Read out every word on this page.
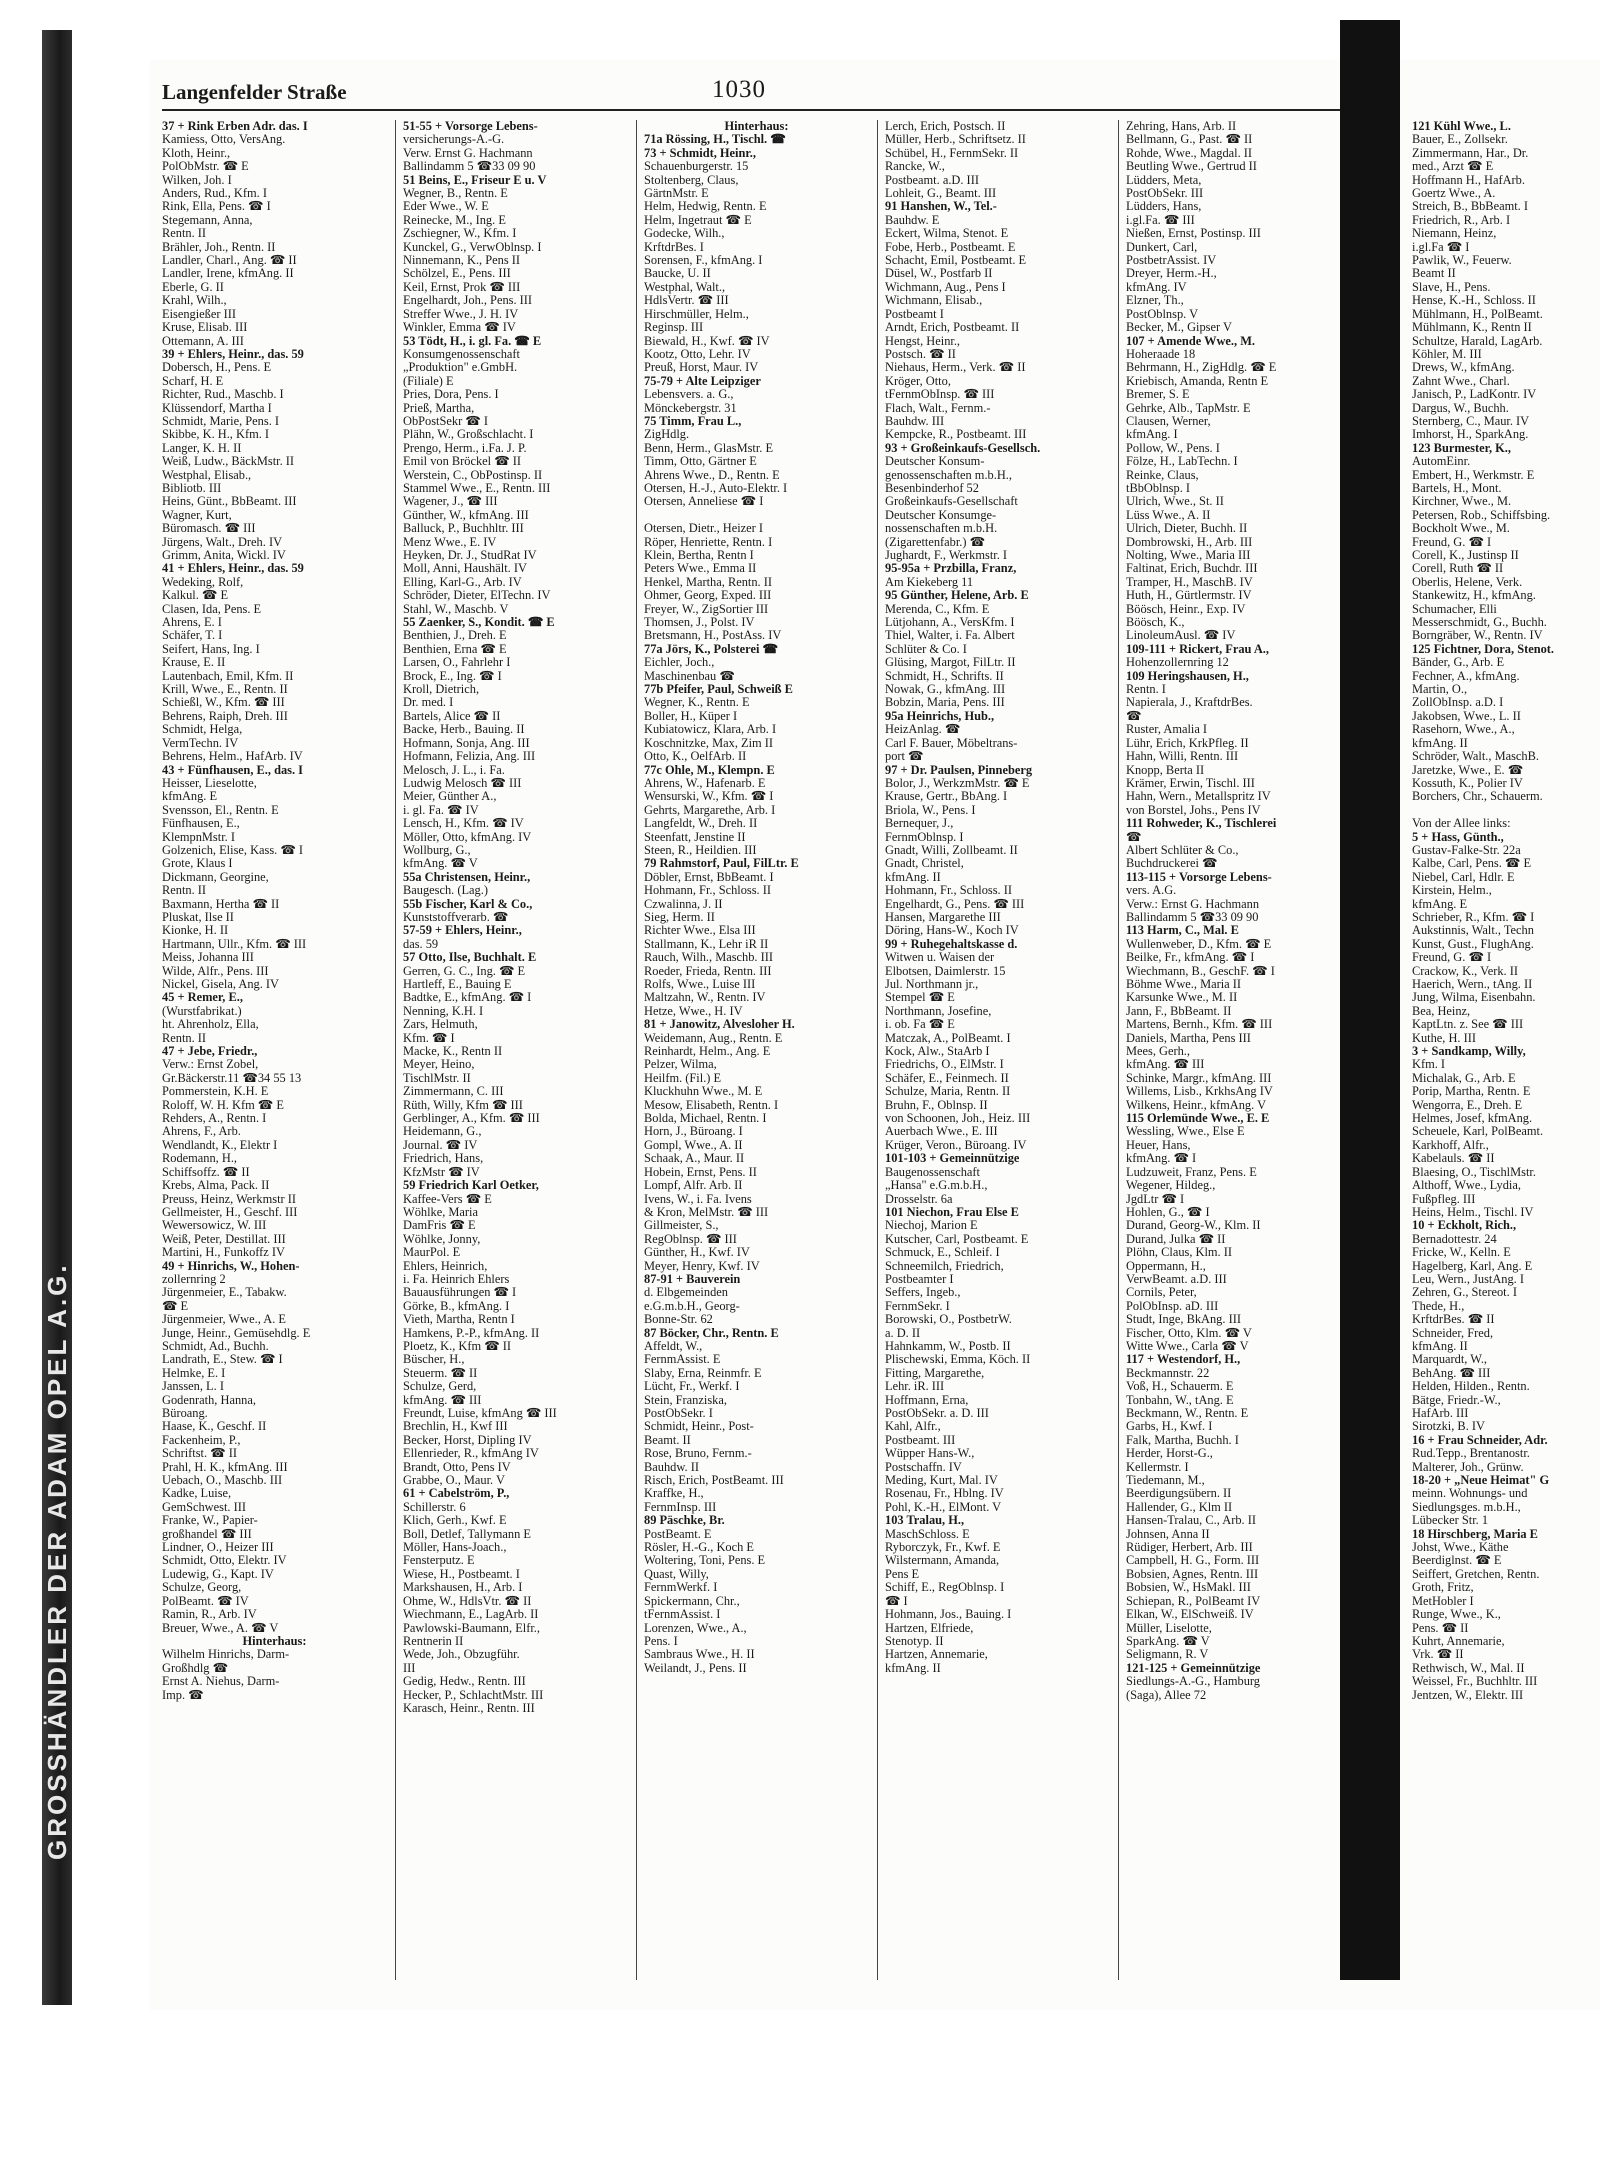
GROSSHÄNDLER DER ADAM OPEL A.G.
Langenfelder Straße	1030
37 + Rink Erben Adr. das. I
Kamiess, Otto, VersAng.
Kloth, Heinr.,
PolObMstr. ☎ E
Wilken, Joh. I
Anders, Rud., Kfm. I
Rink, Ella, Pens. ☎ I
Stegemann, Anna,
Rentn. II
Brähler, Joh., Rentn. II
Landler, Charl., Ang. ☎ II
Landler, Irene, kfmAng. II
Eberle, G. II
Krahl, Wilh.,
Eisengießer III
Kruse, Elisab. III
Ottemann, A. III
39 + Ehlers, Heinr., das. 59
Dobersch, H., Pens. E
Scharf, H. E
Richter, Rud., Maschb. I
Klüssendorf, Martha I
Schmidt, Marie, Pens. I
Skibbe, K. H., Kfm. I
Langer, K. H. II
Weiß, Ludw., BäckMstr. II
Westphal, Elisab.,
Bibliotb. III
Heins, Günt., BbBeamt. III
Wagner, Kurt,
Büromasch. ☎ III
Jürgens, Walt., Dreh. IV
Grimm, Anita, Wickl. IV
41 + Ehlers, Heinr., das. 59
Wedeking, Rolf,
Kalkul. ☎ E
Clasen, Ida, Pens. E
Ahrens, E. I
Schäfer, T. I
Seifert, Hans, Ing. I
Krause, E. II
Lautenbach, Emil, Kfm. II
Krill, Wwe., E., Rentn. II
Schießl, W., Kfm. ☎ III
Behrens, Raiph, Dreh. III
Schmidt, Helga,
VermTechn. IV
Behrens, Helm., HafArb. IV
43 + Fünfhausen, E., das. I
Heisser, Lieselotte,
kfmAng. E
Svensson, El., Rentn. E
Fünfhausen, E.,
KlempnMstr. I
Golzenich, Elise, Kass. ☎ I
Grote, Klaus I
Dickmann, Georgine,
Rentn. II
Baxmann, Hertha ☎ II
Pluskat, Ilse II
Kionke, H. II
Hartmann, Ullr., Kfm. ☎ III
Meiss, Johanna III
Wilde, Alfr., Pens. III
Nickel, Gisela, Ang. IV
45 + Remer, E.,
(Wurstfabrikat.)
ht. Ahrenholz, Ella,
Rentn. II
47 + Jebe, Friedr.,
Verw.: Ernst Zobel,
Gr.Bäckerstr.11 ☎34 55 13
Pommerstein, K.H. E
Roloff, W. H. Kfm ☎ E
Rehders, A., Rentn. I
Ahrens, F., Arb.
Wendlandt, K., Elektr I
Rodemann, H.,
Schiffsoffz. ☎ II
Krebs, Alma, Pack. II
Preuss, Heinz, Werkmstr II
Gellmeister, H., Geschf. III
Wewersowicz, W. III
Weiß, Peter, Destillat. III
Martini, H., Funkoffz IV
49 + Hinrichs, W., Hohen-
zollernring 2
Jürgenmeier, E., Tabakw.
☎ E
Jürgenmeier, Wwe., A. E
Junge, Heinr., Gemüsehdlg. E
Schmidt, Ad., Buchh.
Landrath, E., Stew. ☎ I
Helmke, E. I
Janssen, L. I
Godenrath, Hanna,
Büroang.
Haase, K., Geschf. II
Fackenheim, P.,
Schriftst. ☎ II
Prahl, H. K., kfmAng. III
Uebach, O., Maschb. III
Kadke, Luise,
GemSchwest. III
Franke, W., Papier-
großhandel ☎ III
Lindner, O., Heizer III
Schmidt, Otto, Elektr. IV
Ludewig, G., Kapt. IV
Schulze, Georg,
PolBeamt. ☎ IV
Ramin, R., Arb. IV
Breuer, Wwe., A. ☎ V
Hinterhaus:
Wilhelm Hinrichs, Darm-
Großhdlg ☎
Ernst A. Niehus, Darm-
Imp. ☎
51-55 + Vorsorge Lebens-
versicherungs-A.-G.
Verw. Ernst G. Hachmann
Ballindamm 5 ☎33 09 90
51 Beins, E., Friseur E u. V
Wegner, B., Rentn. E
Eder Wwe., W. E
Reinecke, M., Ing. E
Zschiegner, W., Kfm. I
Kunckel, G., VerwOblnsp. I
Ninnemann, K., Pens II
Schölzel, E., Pens. III
Keil, Ernst, Prok ☎ III
Engelhardt, Joh., Pens. III
Streffer Wwe., J. H. IV
Winkler, Emma ☎ IV
53 Tödt, H., i. gl. Fa. ☎ E
Konsumgenossenschaft
„Produktion" e.GmbH.
(Filiale) E
Pries, Dora, Pens. I
Prieß, Martha,
ObPostSekr ☎ I
Plähn, W., Großschlacht. I
Prengo, Herm., i.Fa. J. P.
Emil von Bröckel ☎ II
Werstein, C., ObPostinsp. II
Stammel Wwe., E., Rentn. III
Wagener, J., ☎ III
Günther, W., kfmAng. III
Balluck, P., Buchhltr. III
Menz Wwe., E. IV
Heyken, Dr. J., StudRat IV
Moll, Anni, Haushält. IV
Elling, Karl-G., Arb. IV
Schröder, Dieter, ElTechn. IV
Stahl, W., Maschb. V
55 Zaenker, S., Kondit. ☎ E
Benthien, J., Dreh. E
Benthien, Erna ☎ E
Larsen, O., Fahrlehr I
Brock, E., Ing. ☎ I
Kroll, Dietrich,
Dr. med. I
Bartels, Alice ☎ II
Backe, Herb., Bauing. II
Hofmann, Sonja, Ang. III
Hofmann, Felizia, Ang. III
Melosch, J. L., i. Fa.
Ludwig Melosch ☎ III
Meier, Günther A.,
i. gl. Fa. ☎ IV
Lensch, H., Kfm. ☎ IV
Möller, Otto, kfmAng. IV
Wollburg, G.,
kfmAng. ☎ V
55a Christensen, Heinr.,
Baugesch. (Lag.)
55b Fischer, Karl & Co.,
Kunststoffverarb. ☎
57-59 + Ehlers, Heinr.,
das. 59
57 Otto, Ilse, Buchhalt. E
Gerren, G. C., Ing. ☎ E
Hartleff, E., Bauing E
Badtke, E., kfmAng. ☎ I
Nenning, K.H. I
Zars, Helmuth,
Kfm. ☎ I
Macke, K., Rentn II
Meyer, Heino,
TischlMstr. II
Zimmermann, C. III
Rüth, Willy, Kfm ☎ III
Gerblinger, A., Kfm. ☎ III
Heidemann, G.,
Journal. ☎ IV
Friedrich, Hans,
KfzMstr ☎ IV
59 Friedrich Karl Oetker,
Kaffee-Vers ☎ E
Wöhlke, Maria
DamFris ☎ E
Wöhlke, Jonny,
MaurPol. E
Ehlers, Heinrich,
i. Fa. Heinrich Ehlers
Bauausführungen ☎ I
Görke, B., kfmAng. I
Vieth, Martha, Rentn I
Hamkens, P.-P., kfmAng. II
Ploetz, K., Kfm ☎ II
Büscher, H.,
Steuerm. ☎ II
Schulze, Gerd,
kfmAng. ☎ III
Freundt, Luise, kfmAng ☎ III
Brechlin, H., Kwf III
Becker, Horst, Dipling IV
Ellenrieder, R., kfmAng IV
Brandt, Otto, Pens IV
Grabbe, O., Maur. V
61 + Cabelström, P.,
Schillerstr. 6
Klich, Gerh., Kwf. E
Boll, Detlef, Tallymann E
Möller, Hans-Joach.,
Fensterputz. E
Wiese, H., Postbeamt. I
Markshausen, H., Arb. I
Ohme, W., HdlsVtr. ☎ II
Wiechmann, E., LagArb. II
Pawlowski-Baumann, Elfr.,
Rentnerin II
Wede, Joh., Obzugführ.
III
Gedig, Hedw., Rentn. III
Hecker, P., SchlachtMstr. III
Karasch, Heinr., Rentn. III
Hinterhaus:
71a Rössing, H., Tischl. ☎
73 + Schmidt, Heinr.,
Schauenburgerstr. 15
Stoltenberg, Claus,
GärtnMstr. E
Helm, Hedwig, Rentn. E
Helm, Ingetraut ☎ E
Godecke, Wilh.,
KrftdrBes. I
Sorensen, F., kfmAng. I
Baucke, U. II
Westphal, Walt.,
HdlsVertr. ☎ III
Hirschmüller, Helm.,
Reginsp. III
Biewald, H., Kwf. ☎ IV
Kootz, Otto, Lehr. IV
Preuß, Horst, Maur. IV
75-79 + Alte Leipziger
Lebensvers. a. G.,
Mönckebergstr. 31
75 Timm, Frau L.,
ZigHdlg.
Benn, Herm., GlasMstr. E
Timm, Otto, Gärtner E
Ahrens Wwe., D., Rentn. E
Otersen, H.-J., Auto-Elektr. I
Otersen, Anneliese ☎ I

Otersen, Dietr., Heizer I
Röper, Henriette, Rentn. I
Klein, Bertha, Rentn I
Peters Wwe., Emma II
Henkel, Martha, Rentn. II
Ohmer, Georg, Exped. III
Freyer, W., ZigSortier III
Thomsen, J., Polst. IV
Bretsmann, H., PostAss. IV
77a Jörs, K., Polsterei ☎
Eichler, Joch.,
Maschinenbau ☎
77b Pfeifer, Paul, Schweiß E
Wegner, K., Rentn. E
Boller, H., Küper I
Kubiatowicz, Klara, Arb. I
Koschnitzke, Max, Zim II
Otto, K., OelfArb. II
77c Ohle, M., Klempn. E
Ahrens, W., Hafenarb. E
Wensurski, W., Kfm. ☎ I
Gehrts, Margarethe, Arb. I
Langfeldt, W., Dreh. II
Steenfatt, Jenstine II
Steen, R., Heildien. III
79 Rahmstorf, Paul, FilLtr. E
Döbler, Ernst, BbBeamt. I
Hohmann, Fr., Schloss. II
Czwalinna, J. II
Sieg, Herm. II
Richter Wwe., Elsa III
Stallmann, K., Lehr iR II
Rauch, Wilh., Maschb. III
Roeder, Frieda, Rentn. III
Rolfs, Wwe., Luise III
Maltzahn, W., Rentn. IV
Hetze, Wwe., H. IV
81 + Janowitz, Alvesloher H.
Weidemann, Aug., Rentn. E
Reinhardt, Helm., Ang. E
Pelzer, Wilma,
Heilfm. (Fil.) E
Kluckhuhn Wwe., M. E
Mesow, Elisabeth, Rentn. I
Bolda, Michael, Rentn. I
Horn, J., Büroang. I
Gompl, Wwe., A. II
Schaak, A., Maur. II
Hobein, Ernst, Pens. II
Lompf, Alfr. Arb. II
Ivens, W., i. Fa. Ivens
& Kron, MelMstr. ☎ III
Gillmeister, S.,
RegOblnsp. ☎ III
Günther, H., Kwf. IV
Meyer, Henry, Kwf. IV
87-91 + Bauverein
d. Elbgemeinden
e.G.m.b.H., Georg-
Bonne-Str. 62
87 Böcker, Chr., Rentn. E
Affeldt, W.,
FernmAssist. E
Slaby, Erna, Reinmfr. E
Lücht, Fr., Werkf. I
Stein, Franziska,
PostObSekr. I
Schmidt, Heinr., Post-
Beamt. II
Rose, Bruno, Fernm.-
Bauhdw. II
Risch, Erich, PostBeamt. III
Kraffke, H.,
FernmInsp. III
89 Päschke, Br.
PostBeamt. E
Rösler, H.-G., Koch E
Woltering, Toni, Pens. E
Quast, Willy,
FernmWerkf. I
Spickermann, Chr.,
tFernmAssist. I
Lorenzen, Wwe., A.,
Pens. I
Sambraus Wwe., H. II
Weilandt, J., Pens. II
Lerch, Erich, Postsch. II
Müller, Herb., Schriftsetz. II
Schübel, H., FernmSekr. II
Rancke, W.,
Postbeamt. a.D. III
Lohleit, G., Beamt. III
91 Hanshen, W., Tel.-
Bauhdw. E
Eckert, Wilma, Stenot. E
Fobe, Herb., Postbeamt. E
Schacht, Emil, Postbeamt. E
Düsel, W., Postfarb II
Wichmann, Aug., Pens I
Wichmann, Elisab.,
Postbeamt I
Arndt, Erich, Postbeamt. II
Hengst, Heinr.,
Postsch. ☎ II
Niehaus, Herm., Verk. ☎ II
Kröger, Otto,
tFernmObInsp. ☎ III
Flach, Walt., Fernm.-
Bauhdw. III
Kempcke, R., Postbeamt. III
93 + Großeinkaufs-Gesellsch.
Deutscher Konsum-
genossenschaften m.b.H.,
Besenbinderhof 52
Großeinkaufs-Gesellschaft
Deutscher Konsumge-
nossenschaften m.b.H.
(Zigarettenfabr.) ☎
Jughardt, F., Werkmstr. I
95-95a + Przbilla, Franz,
Am Kiekeberg 11
95 Günther, Helene, Arb. E
Merenda, C., Kfm. E
Lütjohann, A., VersKfm. I
Thiel, Walter, i. Fa. Albert
Schlüter & Co. I
Glüsing, Margot, FilLtr. II
Schmidt, H., Schrifts. II
Nowak, G., kfmAng. III
Bobzin, Maria, Pens. III
95a Heinrichs, Hub.,
HeizAnlag. ☎
Carl F. Bauer, Möbeltrans-
port ☎
97 + Dr. Paulsen, Pinneberg
Bolor, J., WerkzmMstr. ☎ E
Krause, Gertr., BbAng. I
Briola, W., Pens. I
Bernequer, J.,
FernmOblnsp. I
Gnadt, Willi, Zollbeamt. II
Gnadt, Christel,
kfmAng. II
Hohmann, Fr., Schloss. II
Engelhardt, G., Pens. ☎ III
Hansen, Margarethe III
Döring, Hans-W., Koch IV
99 + Ruhegehaltskasse d.
Witwen u. Waisen der
Elbotsen, Daimlerstr. 15
Jul. Northmann jr.,
Stempel ☎ E
Northmann, Josefine,
i. ob. Fa ☎ E
Matczak, A., PolBeamt. I
Kock, Alw., StaArb I
Friedrichs, O., ElMstr. I
Schäfer, E., Feinmech. II
Schulze, Maria, Rentn. II
Bruhn, F., Oblnsp. II
von Schoonen, Joh., Heiz. III
Auerbach Wwe., E. III
Krüger, Veron., Büroang. IV
101-103 + Gemeinnützige
Baugenossenschaft
„Hansa" e.G.m.b.H.,
Drosselstr. 6a
101 Niechon, Frau Else E
Niechoj, Marion E
Kutscher, Carl, Postbeamt. E
Schmuck, E., Schleif. I
Schneemilch, Friedrich,
Postbeamter I
Seffers, Ingeb.,
FernmSekr. I
Borowski, O., PostbetrW.
a. D. II
Hahnkamm, W., Postb. II
Plischewski, Emma, Köch. II
Fitting, Margarethe,
Lehr. iR. III
Hoffmann, Erna,
PostObSekr. a. D. III
Kahl, Alfr.,
Postbeamt. III
Wüpper Hans-W.,
Postschaffn. IV
Meding, Kurt, Mal. IV
Rosenau, Fr., Hblng. IV
Pohl, K.-H., ElMont. V
103 Tralau, H.,
MaschSchloss. E
Ryborczyk, Fr., Kwf. E
Wilstermann, Amanda,
Pens E
Schiff, E., RegOblnsp. I
☎ I
Hohmann, Jos., Bauing. I
Hartzen, Elfriede,
Stenotyp. II
Hartzen, Annemarie,
kfmAng. II
Zehring, Hans, Arb. II
Bellmann, G., Past. ☎ II
Rohde, Wwe., Magdal. II
Beutling Wwe., Gertrud II
Lüdders, Meta,
PostObSekr. III
Lüdders, Hans,
i.gl.Fa. ☎ III
Nießen, Ernst, Postinsp. III
Dunkert, Carl,
PostbetrAssist. IV
Dreyer, Herm.-H.,
kfmAng. IV
Elzner, Th.,
PostOblnsp. V
Becker, M., Gipser V
107 + Amende Wwe., M.
Hoheraade 18
Behrmann, H., ZigHdlg. ☎ E
Kriebisch, Amanda, Rentn E
Bremer, S. E
Gehrke, Alb., TapMstr. E
Clausen, Werner,
kfmAng. I
Pollow, W., Pens. I
Fölze, H., LabTechn. I
Reinke, Claus,
tBbOblnsp. I
Ulrich, Wwe., St. II
Lüss Wwe., A. II
Ulrich, Dieter, Buchh. II
Dombrowski, H., Arb. III
Nolting, Wwe., Maria III
Faltinat, Erich, Buchdr. III
Tramper, H., MaschB. IV
Huth, H., Gürtlermstr. IV
Böösch, Heinr., Exp. IV
Böösch, K.,
LinoleumAusl. ☎ IV
109-111 + Rickert, Frau A.,
Hohenzollernring 12
109 Heringshausen, H.,
Rentn. I
Napierala, J., KraftdrBes.
☎
Ruster, Amalia I
Lühr, Erich, KrkPfleg. II
Hahn, Willi, Rentn. III
Knopp, Berta II
Krämer, Erwin, Tischl. III
Hahn, Wern., Metallspritz IV
von Borstel, Johs., Pens IV
111 Rohweder, K., Tischlerei
☎
Albert Schlüter & Co.,
Buchdruckerei ☎
113-115 + Vorsorge Lebens-
vers. A.G.
Verw.: Ernst G. Hachmann
Ballindamm 5 ☎33 09 90
113 Harm, C., Mal. E
Wullenweber, D., Kfm. ☎ E
Beilke, Fr., kfmAng. ☎ I
Wiechmann, B., GeschF. ☎ I
Böhme Wwe., Maria II
Karsunke Wwe., M. II
Jann, F., BbBeamt. II
Martens, Bernh., Kfm. ☎ III
Daniels, Martha, Pens III
Mees, Gerh.,
kfmAng. ☎ III
Schinke, Margr., kfmAng. III
Willems, Lisb., KrkhsAng IV
Wilkens, Heinr., kfmAng. V
115 Orlemünde Wwe., E. E
Wessling, Wwe., Else E
Heuer, Hans,
kfmAng. ☎ I
Ludzuweit, Franz, Pens. E
Wegener, Hildeg.,
JgdLtr ☎ I
Hohlen, G., ☎ I
Durand, Georg-W., Klm. II
Durand, Julka ☎ II
Plöhn, Claus, Klm. II
Oppermann, H.,
VerwBeamt. a.D. III
Cornils, Peter,
PolObInsp. aD. III
Studt, Inge, BkAng. III
Fischer, Otto, Klm. ☎ V
Witte Wwe., Carla ☎ V
117 + Westendorf, H.,
Beckmannstr. 22
Voß, H., Schauerm. E
Tonbahn, W., tAng. E
Beckmann, W., Rentn. E
Garbs, H., Kwf. I
Falk, Martha, Buchh. I
Herder, Horst-G.,
Kellermstr. I
Tiedemann, M.,
Beerdigungsübern. II
Hallender, G., Klm II
Hansen-Tralau, C., Arb. II
Johnsen, Anna II
Rüdiger, Herbert, Arb. III
Campbell, H. G., Form. III
Bobsien, Agnes, Rentn. III
Bobsien, W., HsMakl. III
Schiepan, R., PolBeamt IV
Elkan, W., ElSchweiß. IV
Müller, Liselotte,
SparkAng. ☎ V
Seligmann, R. V
121-125 + Gemeinnützige
Siedlungs-A.-G., Hamburg
(Saga), Allee 72
121 Kühl Wwe., L.
Bauer, E., Zollsekr.
Zimmermann, Har., Dr.
med., Arzt ☎ E
Hoffmann H., HafArb.
Goertz Wwe., A.
Streich, B., BbBeamt. I
Friedrich, R., Arb. I
Niemann, Heinz,
i.gl.Fa ☎ I
Pawlik, W., Feuerw.
Beamt II
Slave, H., Pens.
Hense, K.-H., Schloss. II
Mühlmann, H., PolBeamt.
Mühlmann, K., Rentn II
Schultze, Harald, LagArb.
Köhler, M. III
Drews, W., kfmAng.
Zahnt Wwe., Charl.
Janisch, P., LadKontr. IV
Dargus, W., Buchh.
Sternberg, C., Maur. IV
Imhorst, H., SparkAng.
123 Burmester, K.,
AutomEinr.
Embert, H., Werkmstr. E
Bartels, H., Mont.
Kirchner, Wwe., M.
Petersen, Rob., Schiffsbing.
Bockholt Wwe., M.
Freund, G. ☎ I
Corell, K., Justinsp II
Corell, Ruth ☎ II
Oberlis, Helene, Verk.
Stankewitz, H., kfmAng.
Schumacher, Elli
Messerschmidt, G., Buchh.
Borngräber, W., Rentn. IV
125 Fichtner, Dora, Stenot.
Bänder, G., Arb. E
Fechner, A., kfmAng.
Martin, O.,
ZollObInsp. a.D. I
Jakobsen, Wwe., L. II
Rasehorn, Wwe., A.,
kfmAng. II
Schröder, Walt., MaschB.
Jaretzke, Wwe., E. ☎
Kossuth, K., Polier IV
Borchers, Chr., Schauerm.

Von der Allee links:
5 + Hass, Günth.,
Gustav-Falke-Str. 22a
Kalbe, Carl, Pens. ☎ E
Niebel, Carl, Hdlr. E
Kirstein, Helm.,
kfmAng. E
Schrieber, R., Kfm. ☎ I
Aukstinnis, Walt., Techn
Kunst, Gust., FlughAng.
Freund, G. ☎ I
Crackow, K., Verk. II
Haerich, Wern., tAng. II
Jung, Wilma, Eisenbahn.
Bea, Heinz,
KaptLtn. z. See ☎ III
Kuthe, H. III
3 + Sandkamp, Willy,
Kfm. I
Michalak, G., Arb. E
Porip, Martha, Rentn. E
Wengorra, E., Dreh. E
Helmes, Josef, kfmAng.
Scheuele, Karl, PolBeamt.
Karkhoff, Alfr.,
Kabelauls. ☎ II
Blaesing, O., TischlMstr.
Althoff, Wwe., Lydia,
Fußpfleg. III
Heins, Helm., Tischl. IV
10 + Eckholt, Rich.,
Bernadottestr. 24
Fricke, W., Kelln. E
Hagelberg, Karl, Ang. E
Leu, Wern., JustAng. I
Zehren, G., Stereot. I
Thede, H.,
KrftdrBes. ☎ II
Schneider, Fred,
kfmAng. II
Marquardt, W.,
BehAng. ☎ III
Helden, Hilden., Rentn.
Bätge, Friedr.-W.,
HafArb. III
Sirotzki, B. IV
16 + Frau Schneider, Adr.
Rud.Tepp., Brentanostr.
Malterer, Joh., Grünw.
18-20 + „Neue Heimat" G
meinn. Wohnungs- und
Siedlungsges. m.b.H.,
Lübecker Str. 1
18 Hirschberg, Maria E
Johst, Wwe., Käthe
Beerdiglnst. ☎ E
Seiffert, Gretchen, Rentn.
Groth, Fritz,
MetHobler I
Runge, Wwe., K.,
Pens. ☎ II
Kuhrt, Annemarie,
Vrk. ☎ II
Rethwisch, W., Mal. II
Weissel, Fr., Buchhltr. III
Jentzen, W., Elektr. III
